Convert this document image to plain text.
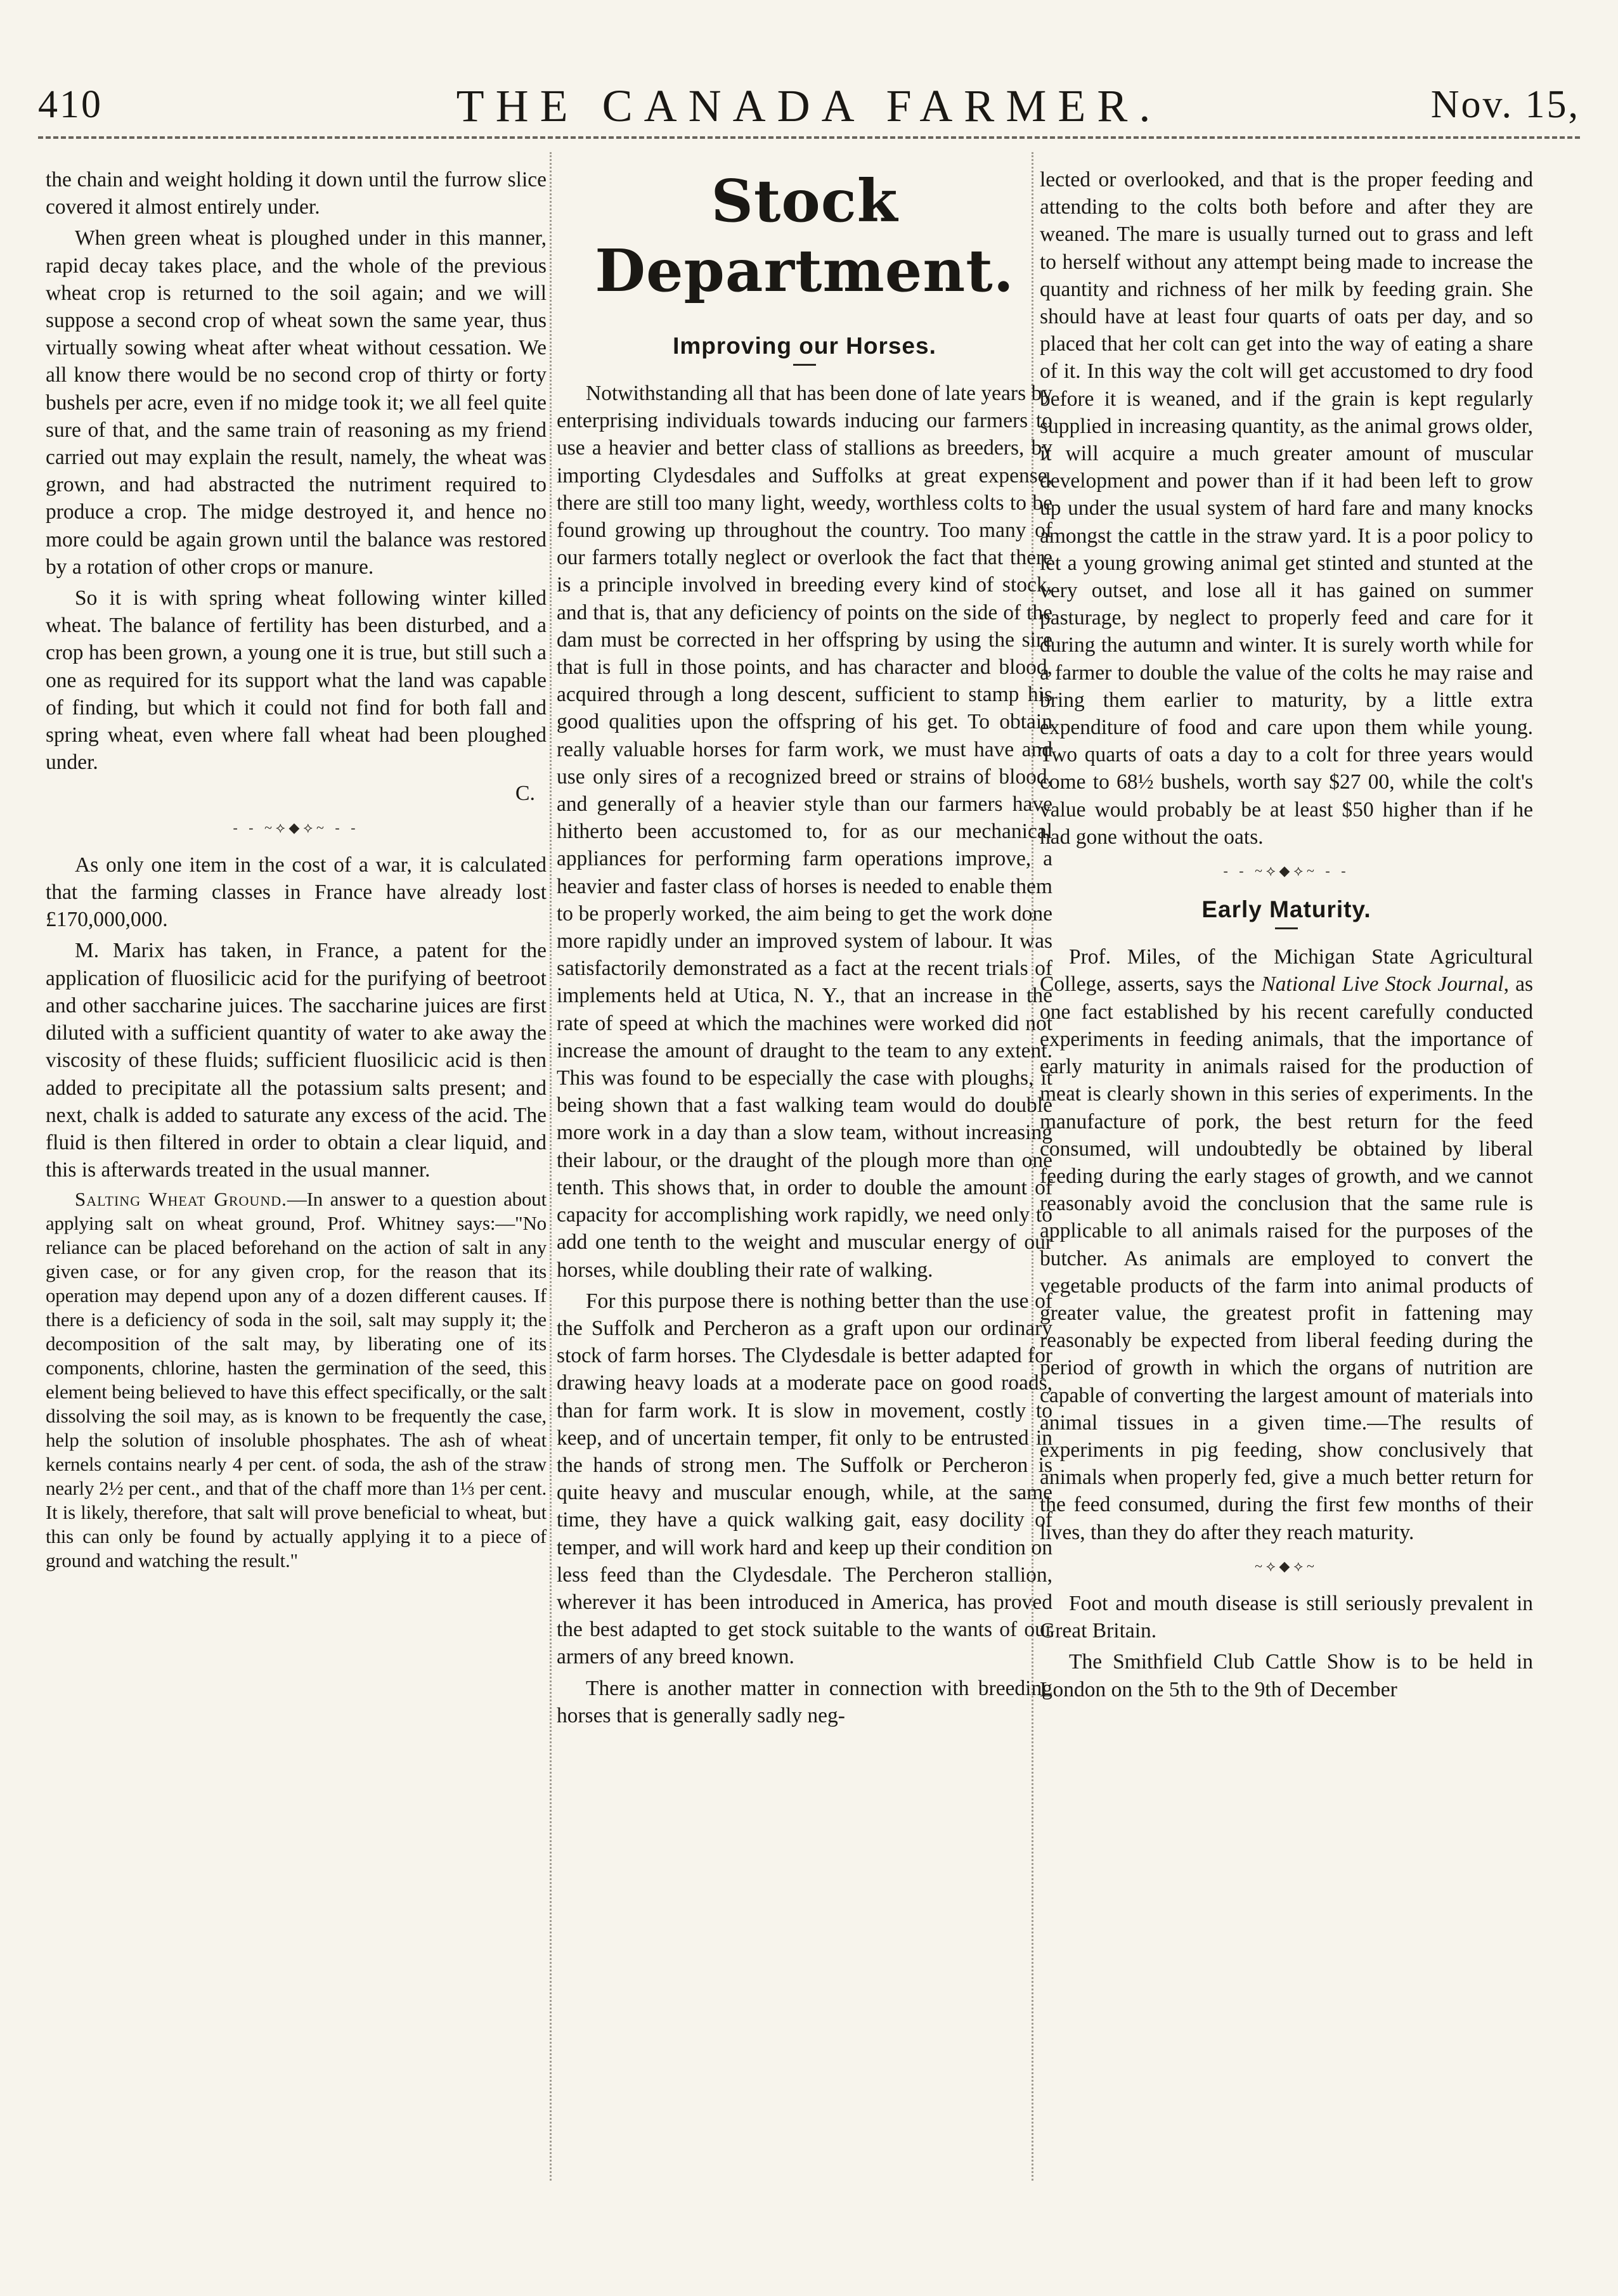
410	THE CANADA FARMER.	Nov. 15,

the chain and weight holding it down until the furrow slice covered it almost entirely under.

When green wheat is ploughed under in this manner, rapid decay takes place, and the whole of the previous wheat crop is returned to the soil again; and we will suppose a second crop of wheat sown the same year, thus virtually sowing wheat after wheat without cessation. We all know there would be no second crop of thirty or forty bushels per acre, even if no midge took it; we all feel quite sure of that, and the same train of reasoning as my friend carried out may explain the result, namely, the wheat was grown, and had abstracted the nutriment required to produce a crop. The midge destroyed it, and hence no more could be again grown until the balance was restored by a rotation of other crops or manure.

So it is with spring wheat following winter killed wheat. The balance of fertility has been disturbed, and a crop has been grown, a young one it is true, but still such a one as required for its support what the land was capable of finding, but which it could not find for both fall and spring wheat, even where fall wheat had been ploughed under.

C.
- - ~⟡◆⟡~ - -

As only one item in the cost of a war, it is calculated that the farming classes in France have already lost £170,000,000.

M. Marix has taken, in France, a patent for the application of fluosilicic acid for the purifying of beetroot and other saccharine juices. The saccharine juices are first diluted with a sufficient quantity of water to ake away the viscosity of these fluids; sufficient fluosilicic acid is then added to precipitate all the potassium salts present; and next, chalk is added to saturate any excess of the acid. The fluid is then filtered in order to obtain a clear liquid, and this is afterwards treated in the usual manner.

Salting Wheat Ground.—In answer to a question about applying salt on wheat ground, Prof. Whitney says:—"No reliance can be placed beforehand on the action of salt in any given case, or for any given crop, for the reason that its operation may depend upon any of a dozen different causes. If there is a deficiency of soda in the soil, salt may supply it; the decomposition of the salt may, by liberating one of its components, chlorine, hasten the germination of the seed, this element being believed to have this effect specifically, or the salt dissolving the soil may, as is known to be frequently the case, help the solution of insoluble phosphates. The ash of wheat kernels contains nearly 4 per cent. of soda, the ash of the straw nearly 2½ per cent., and that of the chaff more than 1⅓ per cent. It is likely, therefore, that salt will prove beneficial to wheat, but this can only be found by actually applying it to a piece of ground and watching the result."

Stock Department.
Improving our Horses.

Notwithstanding all that has been done of late years by enterprising individuals towards inducing our farmers to use a heavier and better class of stallions as breeders, by importing Clydesdales and Suffolks at great expense, there are still too many light, weedy, worthless colts to be found growing up throughout the country. Too many of our farmers totally neglect or overlook the fact that there is a principle involved in breeding every kind of stock, and that is, that any deficiency of points on the side of the dam must be corrected in her offspring by using the sire that is full in those points, and has character and blood, acquired through a long descent, sufficient to stamp his good qualities upon the offspring of his get. To obtain really valuable horses for farm work, we must have and use only sires of a recognized breed or strains of blood, and generally of a heavier style than our farmers have hitherto been accustomed to, for as our mechanical appliances for performing farm operations improve, a heavier and faster class of horses is needed to enable them to be properly worked, the aim being to get the work done more rapidly under an improved system of labour. It was satisfactorily demonstrated as a fact at the recent trials of implements held at Utica, N. Y., that an increase in the rate of speed at which the machines were worked did not increase the amount of draught to the team to any extent. This was found to be especially the case with ploughs, it being shown that a fast walking team would do double more work in a day than a slow team, without increasing their labour, or the draught of the plough more than one tenth. This shows that, in order to double the amount of capacity for accomplishing work rapidly, we need only to add one tenth to the weight and muscular energy of our horses, while doubling their rate of walking.

For this purpose there is nothing better than the use of the Suffolk and Percheron as a graft upon our ordinary stock of farm horses. The Clydesdale is better adapted for drawing heavy loads at a moderate pace on good roads, than for farm work. It is slow in movement, costly to keep, and of uncertain temper, fit only to be entrusted in the hands of strong men. The Suffolk or Percheron is quite heavy and muscular enough, while, at the same time, they have a quick walking gait, easy docility of temper, and will work hard and keep up their condition on less feed than the Clydesdale. The Percheron stallion, wherever it has been introduced in America, has proved the best adapted to get stock suitable to the wants of our armers of any breed known.

There is another matter in connection with breeding horses that is generally sadly neg-

lected or overlooked, and that is the proper feeding and attending to the colts both before and after they are weaned. The mare is usually turned out to grass and left to herself without any attempt being made to increase the quantity and richness of her milk by feeding grain. She should have at least four quarts of oats per day, and so placed that her colt can get into the way of eating a share of it. In this way the colt will get accustomed to dry food before it is weaned, and if the grain is kept regularly supplied in increasing quantity, as the animal grows older, it will acquire a much greater amount of muscular development and power than if it had been left to grow up under the usual system of hard fare and many knocks amongst the cattle in the straw yard. It is a poor policy to let a young growing animal get stinted and stunted at the very outset, and lose all it has gained on summer pasturage, by neglect to properly feed and care for it during the autumn and winter. It is surely worth while for a farmer to double the value of the colts he may raise and bring them earlier to maturity, by a little extra expenditure of food and care upon them while young. Two quarts of oats a day to a colt for three years would come to 68½ bushels, worth say $27 00, while the colt's value would probably be at least $50 higher than if he had gone without the oats.

- - ~⟡◆⟡~ - -
Early Maturity.

Prof. Miles, of the Michigan State Agricultural College, asserts, says the National Live Stock Journal, as one fact established by his recent carefully conducted experiments in feeding animals, that the importance of early maturity in animals raised for the production of meat is clearly shown in this series of experiments. In the manufacture of pork, the best return for the feed consumed, will undoubtedly be obtained by liberal feeding during the early stages of growth, and we cannot reasonably avoid the conclusion that the same rule is applicable to all animals raised for the purposes of the butcher. As animals are employed to convert the vegetable products of the farm into animal products of greater value, the greatest profit in fattening may reasonably be expected from liberal feeding during the period of growth in which the organs of nutrition are capable of converting the largest amount of materials into animal tissues in a given time.—The results of experiments in pig feeding, show conclusively that animals when properly fed, give a much better return for the feed consumed, during the first few months of their lives, than they do after they reach maturity.

~⟡◆⟡~

Foot and mouth disease is still seriously prevalent in Great Britain.

The Smithfield Club Cattle Show is to be held in London on the 5th to the 9th of December
